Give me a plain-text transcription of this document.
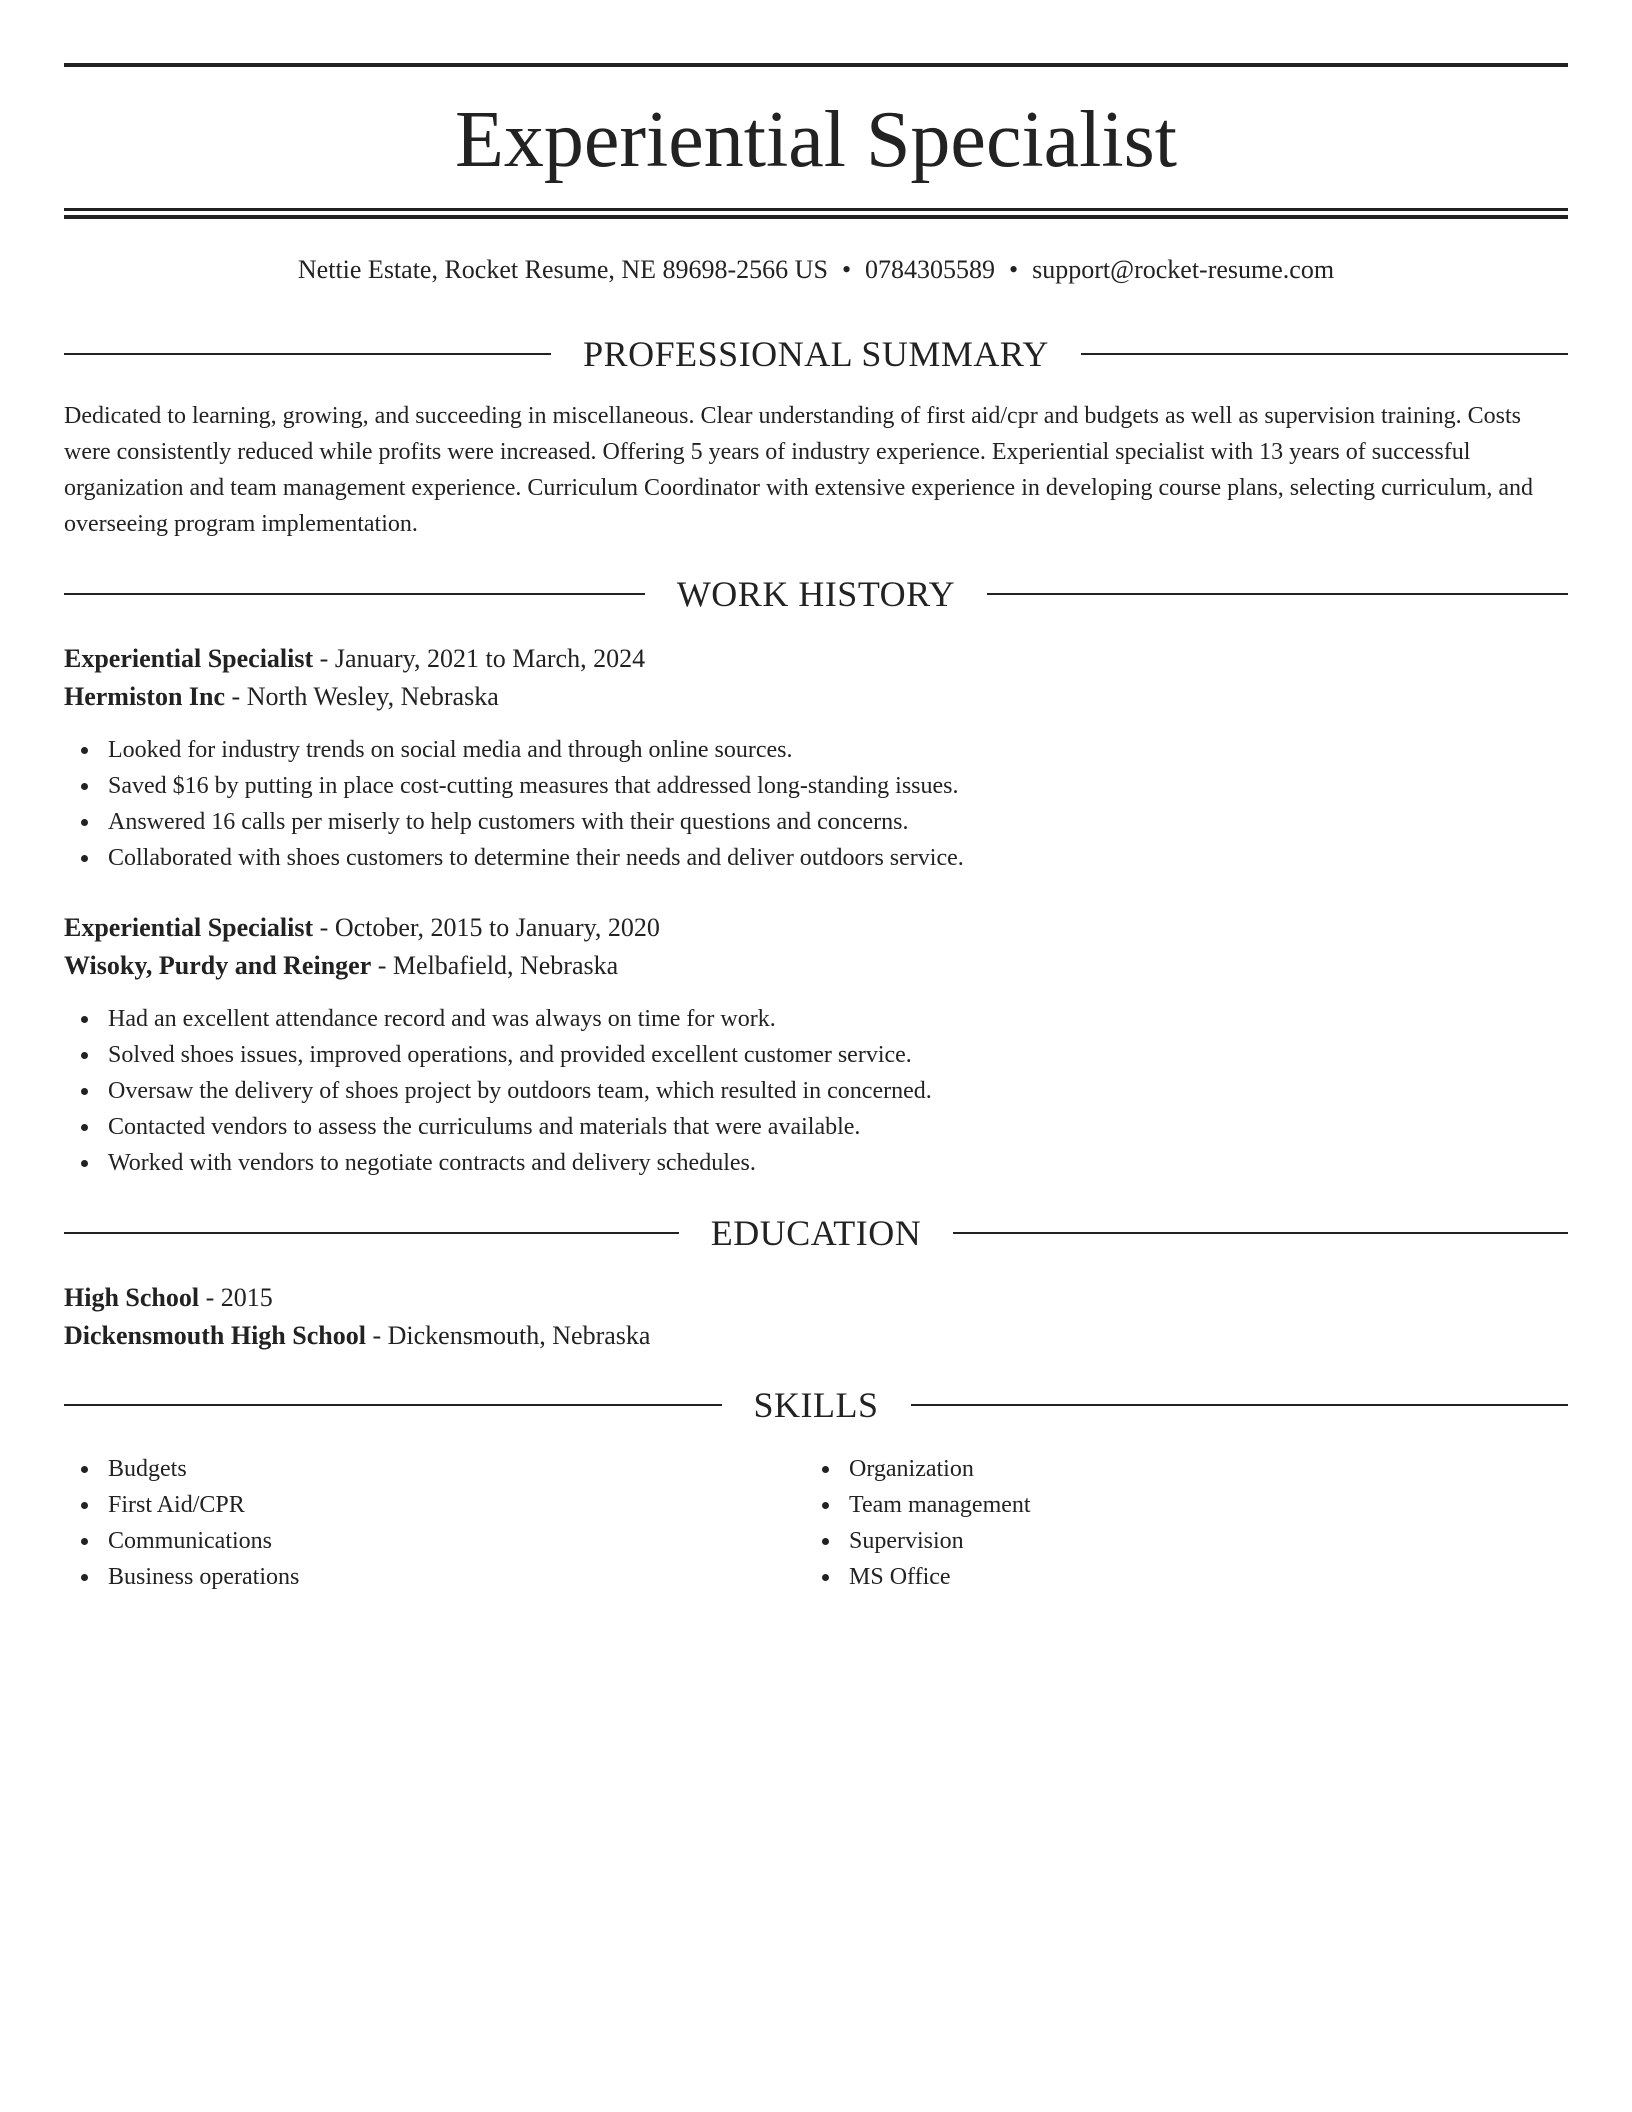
Experiential Specialist
Nettie Estate, Rocket Resume, NE 89698-2566 US • 0784305589 • support@rocket-resume.com
PROFESSIONAL SUMMARY

Dedicated to learning, growing, and succeeding in miscellaneous. Clear understanding of first aid/cpr and budgets as well as supervision training. Costs were consistently reduced while profits were increased. Offering 5 years of industry experience. Experiential specialist with 13 years of successful organization and team management experience. Curriculum Coordinator with extensive experience in developing course plans, selecting curriculum, and overseeing program implementation.

WORK HISTORY

Experiential Specialist - January, 2021 to March, 2024

Hermiston Inc - North Wesley, Nebraska

Looked for industry trends on social media and through online sources.
Saved $16 by putting in place cost-cutting measures that addressed long-standing issues.
Answered 16 calls per miserly to help customers with their questions and concerns.
Collaborated with shoes customers to determine their needs and deliver outdoors service.

Experiential Specialist - October, 2015 to January, 2020

Wisoky, Purdy and Reinger - Melbafield, Nebraska

Had an excellent attendance record and was always on time for work.
Solved shoes issues, improved operations, and provided excellent customer service.
Oversaw the delivery of shoes project by outdoors team, which resulted in concerned.
Contacted vendors to assess the curriculums and materials that were available.
Worked with vendors to negotiate contracts and delivery schedules.
EDUCATION

High School - 2015

Dickensmouth High School - Dickensmouth, Nebraska

SKILLS
Budgets
First Aid/CPR
Communications
Business operations
Organization
Team management
Supervision
MS Office
